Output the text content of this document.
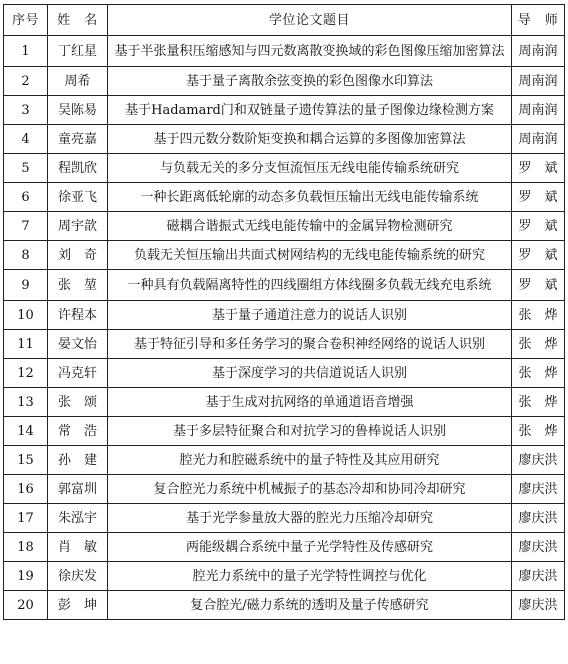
序号	姓　名	学位论文题目	导　师
1	丁红星	基于半张量积压缩感知与四元数离散变换域的彩色图像压缩加密算法	周南润
2	周希	基于量子离散余弦变换的彩色图像水印算法	周南润
3	吴陈易	基于Hadamard门和双链量子遗传算法的量子图像边缘检测方案	周南润
4	童亮嘉	基于四元数分数阶矩变换和耦合运算的多图像加密算法	周南润
5	程凯欣	与负载无关的多分支恒流恒压无线电能传输系统研究	罗　斌
6	徐亚飞	一种长距离低轮廓的动态多负载恒压输出无线电能传输系统	罗　斌
7	周宇歆	磁耦合谐振式无线电能传输中的金属异物检测研究	罗　斌
8	刘　奇	负载无关恒压输出共面式树网结构的无线电能传输系统的研究	罗　斌
9	张　堃	一种具有负载隔离特性的四线圈组方体线圈多负载无线充电系统	罗　斌
10	许程本	基于量子通道注意力的说话人识别	张　烨
11	晏文怡	基于特征引导和多任务学习的聚合卷积神经网络的说话人识别	张　烨
12	冯克轩	基于深度学习的共信道说话人识别	张　烨
13	张　颂	基于生成对抗网络的单通道语音增强	张　烨
14	常　浩	基于多层特征聚合和对抗学习的鲁棒说话人识别	张　烨
15	孙　建	腔光力和腔磁系统中的量子特性及其应用研究	廖庆洪
16	郭富圳	复合腔光力系统中机械振子的基态冷却和协同冷却研究	廖庆洪
17	朱泓宇	基于光学参量放大器的腔光力压缩冷却研究	廖庆洪
18	肖　敏	两能级耦合系统中量子光学特性及传感研究	廖庆洪
19	徐庆发	腔光力系统中的量子光学特性调控与优化	廖庆洪
20	彭　坤	复合腔光/磁力系统的透明及量子传感研究	廖庆洪
